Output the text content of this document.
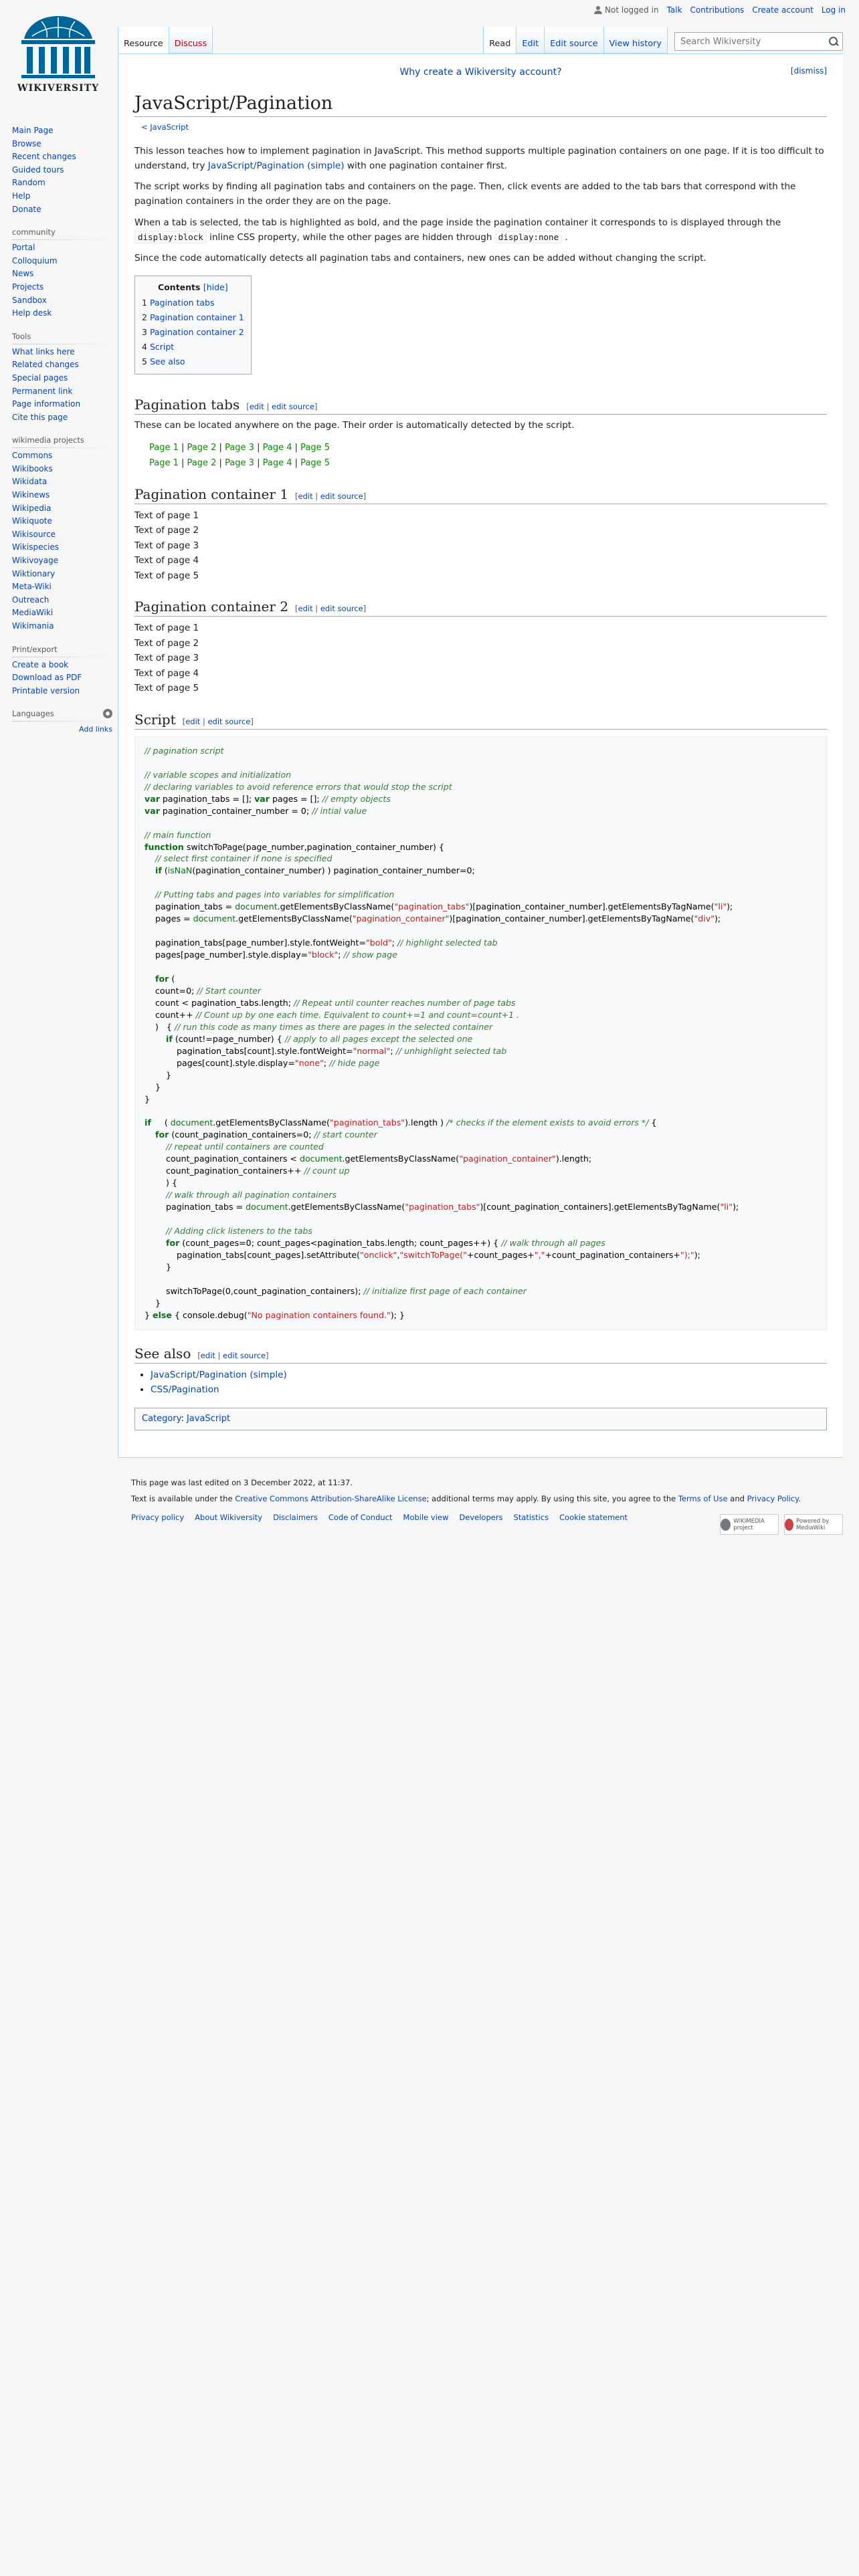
WIKIVERSITY
Not logged in Talk Contributions Create account Log in
Resource	Discuss	Read	Edit	Edit source	View history
Search Wikiversity
Main Page
Browse
Recent changes
Guided tours
Random
Help
Donate
community
Portal
Colloquium
News
Projects
Sandbox
Help desk
Tools
What links here
Related changes
Special pages
Permanent link
Page information
Cite this page
wikimedia projects
Commons
Wikibooks
Wikidata
Wikinews
Wikipedia
Wikiquote
Wikisource
Wikispecies
Wikivoyage
Wiktionary
Meta-Wiki
Outreach
MediaWiki
Wikimania
Print/export
Create a book
Download as PDF
Printable version
Languages
Add links
Why create a Wikiversity account?	[dismiss]
JavaScript/Pagination
< JavaScript

This lesson teaches how to implement pagination in JavaScript. This method supports multiple pagination containers on one page. If it is too difficult to understand, try JavaScript/Pagination (simple) with one pagination container first.

The script works by finding all pagination tabs and containers on the page. Then, click events are added to the tab bars that correspond with the pagination containers in the order they are on the page.

When a tab is selected, the tab is highlighted as bold, and the page inside the pagination container it corresponds to is displayed through the display:block inline CSS property, while the other pages are hidden through display:none .

Since the code automatically detects all pagination tabs and containers, new ones can be added without changing the script.

Contents [hide]
1 Pagination tabs
2 Pagination container 1
3 Pagination container 2
4 Script
5 See also
Pagination tabs [edit | edit source]

These can be located anywhere on the page. Their order is automatically detected by the script.

Page 1 | Page 2 | Page 3 | Page 4 | Page 5
Page 1 | Page 2 | Page 3 | Page 4 | Page 5
Pagination container 1 [edit | edit source]
Text of page 1
Text of page 2
Text of page 3
Text of page 4
Text of page 5
Pagination container 2 [edit | edit source]
Text of page 1
Text of page 2
Text of page 3
Text of page 4
Text of page 5
Script [edit | edit source]
// pagination script

// variable scopes and initialization
// declaring variables to avoid reference errors that would stop the script
var pagination_tabs = []; var pages = []; // empty objects
var pagination_container_number = 0; // intial value

// main function
function switchToPage(page_number,pagination_container_number) {
// select first container if none is specified
if (isNaN(pagination_container_number) ) pagination_container_number=0;

// Putting tabs and pages into variables for simplification
pagination_tabs = document.getElementsByClassName("pagination_tabs")[pagination_container_number].getElementsByTagName("li");
pages = document.getElementsByClassName("pagination_container")[pagination_container_number].getElementsByTagName("div");

pagination_tabs[page_number].style.fontWeight="bold"; // highlight selected tab
pages[page_number].style.display="block"; // show page

for (
count=0; // Start counter
count < pagination_tabs.length; // Repeat until counter reaches number of page tabs
count++ // Count up by one each time. Equivalent to count+=1 and count=count+1 .
)   { // run this code as many times as there are pages in the selected container
if (count!=page_number) { // apply to all pages except the selected one
pagination_tabs[count].style.fontWeight="normal"; // unhighlight selected tab
pages[count].style.display="none"; // hide page
}
}
}

if     ( document.getElementsByClassName("pagination_tabs").length ) /* checks if the element exists to avoid errors */ {
for (count_pagination_containers=0; // start counter
// repeat until containers are counted
count_pagination_containers < document.getElementsByClassName("pagination_container").length;
count_pagination_containers++ // count up
) {
// walk through all pagination containers
pagination_tabs = document.getElementsByClassName("pagination_tabs")[count_pagination_containers].getElementsByTagName("li");

// Adding click listeners to the tabs
for (count_pages=0; count_pages<pagination_tabs.length; count_pages++) { // walk through all pages
pagination_tabs[count_pages].setAttribute("onclick","switchToPage("+count_pages+","+count_pagination_containers+");");
}

switchToPage(0,count_pagination_containers); // initialize first page of each container
}
} else { console.debug("No pagination containers found."); }
See also [edit | edit source]
• JavaScript/Pagination (simple)
• CSS/Pagination
Category: JavaScript

This page was last edited on 3 December 2022, at 11:37.

Text is available under the Creative Commons Attribution-ShareAlike License; additional terms may apply. By using this site, you agree to the Terms of Use and Privacy Policy.

Privacy policy About Wikiversity Disclaimers Code of Conduct Mobile view Developers Statistics Cookie statement	WIKIMEDIA project
Powered by MediaWiki
